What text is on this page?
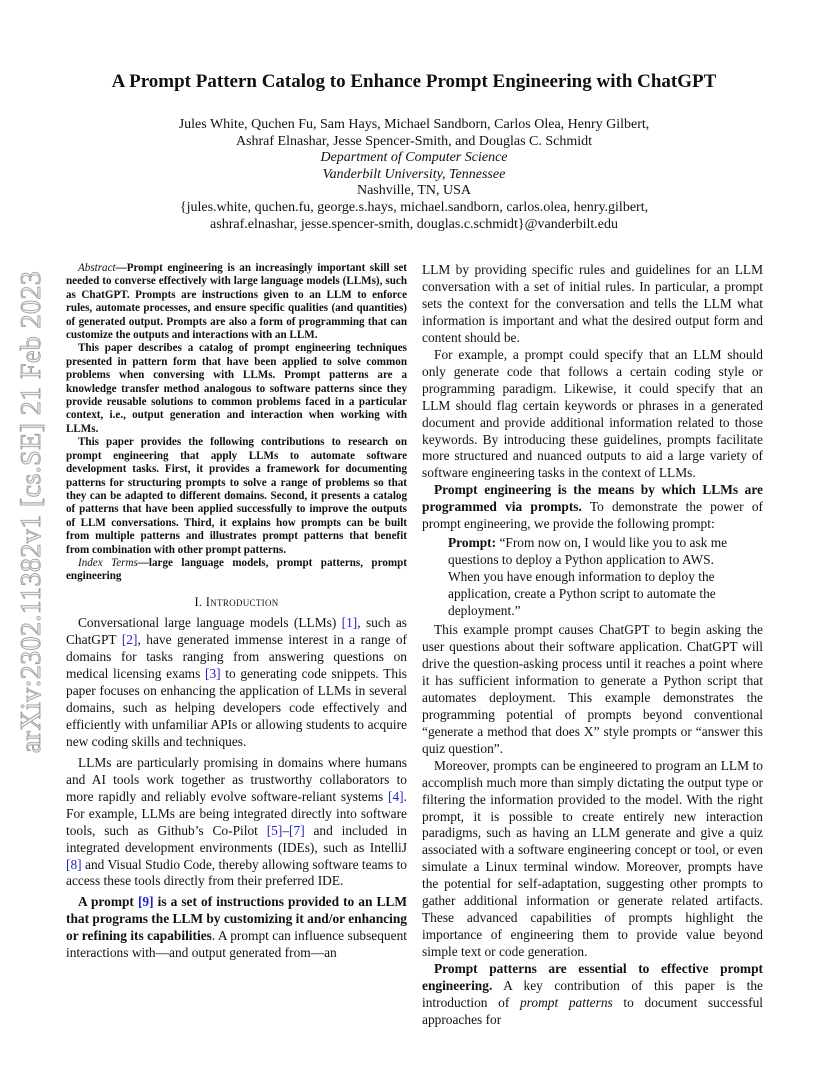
A Prompt Pattern Catalog to Enhance Prompt Engineering with ChatGPT
Jules White, Quchen Fu, Sam Hays, Michael Sandborn, Carlos Olea, Henry Gilbert,
Ashraf Elnashar, Jesse Spencer-Smith, and Douglas C. Schmidt
Department of Computer Science
Vanderbilt University, Tennessee
Nashville, TN, USA
{jules.white, quchen.fu, george.s.hays, michael.sandborn, carlos.olea, henry.gilbert,
ashraf.elnashar, jesse.spencer-smith, douglas.c.schmidt}@vanderbilt.edu
arXiv:2302.11382v1 [cs.SE] 21 Feb 2023

Abstract—Prompt engineering is an increasingly important skill set needed to converse effectively with large language models (LLMs), such as ChatGPT. Prompts are instructions given to an LLM to enforce rules, automate processes, and ensure specific qualities (and quantities) of generated output. Prompts are also a form of programming that can customize the outputs and interactions with an LLM.

This paper describes a catalog of prompt engineering techniques presented in pattern form that have been applied to solve common problems when conversing with LLMs. Prompt patterns are a knowledge transfer method analogous to software patterns since they provide reusable solutions to common problems faced in a particular context, i.e., output generation and interaction when working with LLMs.

This paper provides the following contributions to research on prompt engineering that apply LLMs to automate software development tasks. First, it provides a framework for documenting patterns for structuring prompts to solve a range of problems so that they can be adapted to different domains. Second, it presents a catalog of patterns that have been applied successfully to improve the outputs of LLM conversations. Third, it explains how prompts can be built from multiple patterns and illustrates prompt patterns that benefit from combination with other prompt patterns.

Index Terms—large language models, prompt patterns, prompt engineering

I. Introduction

Conversational large language models (LLMs) [1], such as ChatGPT [2], have generated immense interest in a range of domains for tasks ranging from answering questions on medical licensing exams [3] to generating code snippets. This paper focuses on enhancing the application of LLMs in several domains, such as helping developers code effectively and efficiently with unfamiliar APIs or allowing students to acquire new coding skills and techniques.

LLMs are particularly promising in domains where humans and AI tools work together as trustworthy collaborators to more rapidly and reliably evolve software-reliant systems [4]. For example, LLMs are being integrated directly into software tools, such as Github’s Co-Pilot [5]–[7] and included in integrated development environments (IDEs), such as IntelliJ [8] and Visual Studio Code, thereby allowing software teams to access these tools directly from their preferred IDE.

A prompt [9] is a set of instructions provided to an LLM that programs the LLM by customizing it and/or enhancing or refining its capabilities. A prompt can influence subsequent interactions with—and output generated from—an

LLM by providing specific rules and guidelines for an LLM conversation with a set of initial rules. In particular, a prompt sets the context for the conversation and tells the LLM what information is important and what the desired output form and content should be.

For example, a prompt could specify that an LLM should only generate code that follows a certain coding style or programming paradigm. Likewise, it could specify that an LLM should flag certain keywords or phrases in a generated document and provide additional information related to those keywords. By introducing these guidelines, prompts facilitate more structured and nuanced outputs to aid a large variety of software engineering tasks in the context of LLMs.

Prompt engineering is the means by which LLMs are programmed via prompts. To demonstrate the power of prompt engineering, we provide the following prompt:

Prompt: “From now on, I would like you to ask me questions to deploy a Python application to AWS. When you have enough information to deploy the application, create a Python script to automate the deployment.”

This example prompt causes ChatGPT to begin asking the user questions about their software application. ChatGPT will drive the question-asking process until it reaches a point where it has sufficient information to generate a Python script that automates deployment. This example demonstrates the programming potential of prompts beyond conventional “generate a method that does X” style prompts or “answer this quiz question”.

Moreover, prompts can be engineered to program an LLM to accomplish much more than simply dictating the output type or filtering the information provided to the model. With the right prompt, it is possible to create entirely new interaction paradigms, such as having an LLM generate and give a quiz associated with a software engineering concept or tool, or even simulate a Linux terminal window. Moreover, prompts have the potential for self-adaptation, suggesting other prompts to gather additional information or generate related artifacts. These advanced capabilities of prompts highlight the importance of engineering them to provide value beyond simple text or code generation.

Prompt patterns are essential to effective prompt engineering. A key contribution of this paper is the introduction of prompt patterns to document successful approaches for
